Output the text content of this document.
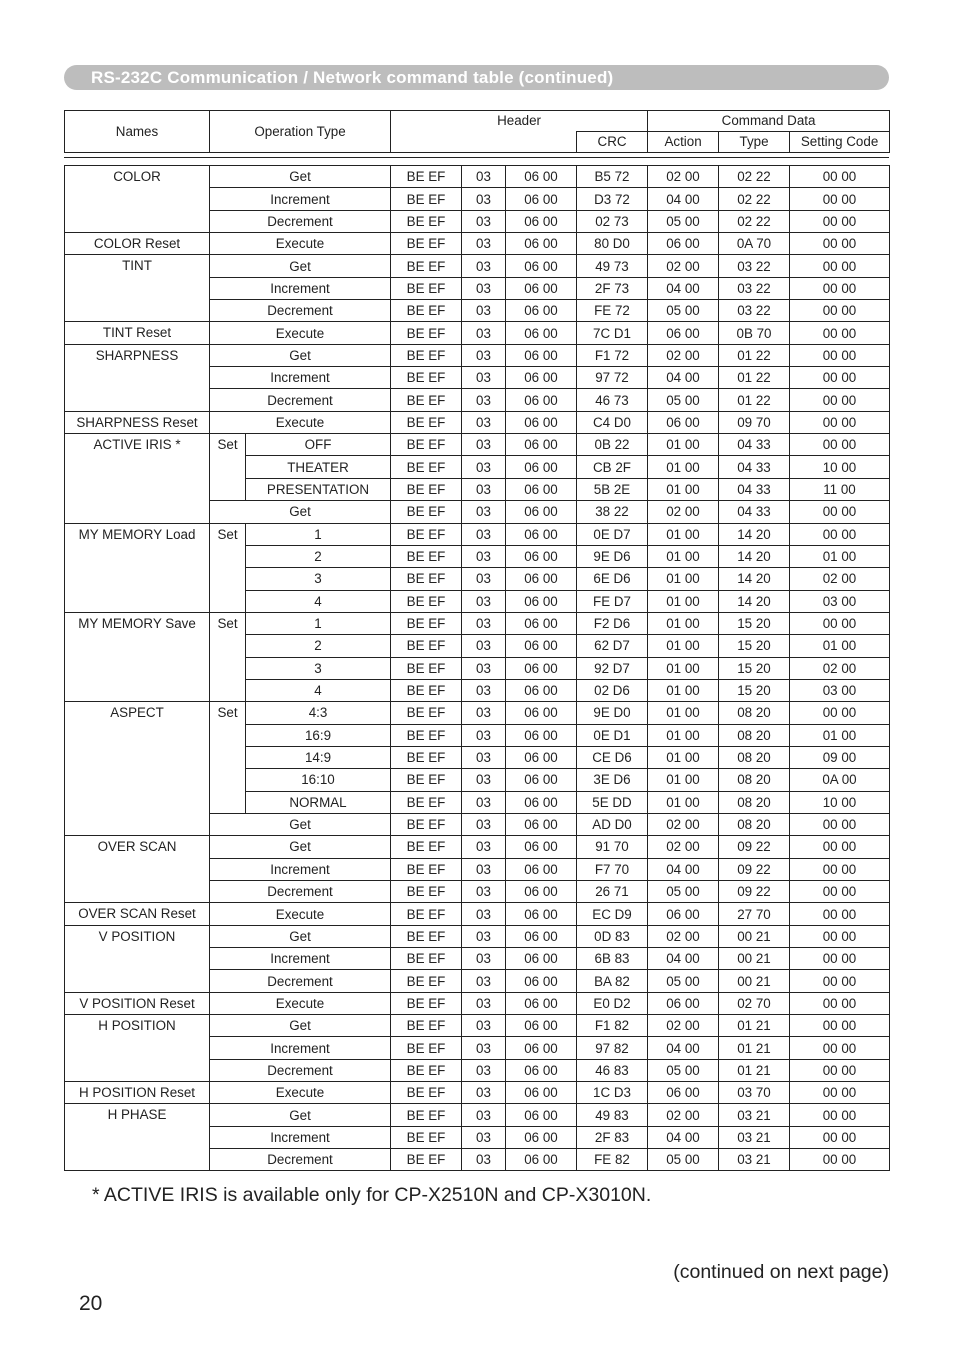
RS-232C Communication / Network command table (continued)
Names	Operation Type	Header		Command Data		
			CRC	Action	Type	Setting Code
COLOR	Get		BE EF	03	06 00	B5 72	02 00	02 22	00 00
	Increment		BE EF	03	06 00	D3 72	04 00	02 22	00 00
	Decrement		BE EF	03	06 00	02 73	05 00	02 22	00 00
COLOR Reset	Execute		BE EF	03	06 00	80 D0	06 00	0A 70	00 00
TINT	Get		BE EF	03	06 00	49 73	02 00	03 22	00 00
	Increment		BE EF	03	06 00	2F 73	04 00	03 22	00 00
	Decrement		BE EF	03	06 00	FE 72	05 00	03 22	00 00
TINT Reset	Execute		BE EF	03	06 00	7C D1	06 00	0B 70	00 00
SHARPNESS	Get		BE EF	03	06 00	F1 72	02 00	01 22	00 00
	Increment		BE EF	03	06 00	97 72	04 00	01 22	00 00
	Decrement		BE EF	03	06 00	46 73	05 00	01 22	00 00
SHARPNESS Reset	Execute		BE EF	03	06 00	C4 D0	06 00	09 70	00 00
ACTIVE IRIS *	Set	OFF	BE EF	03	06 00	0B 22	01 00	04 33	00 00
		THEATER	BE EF	03	06 00	CB 2F	01 00	04 33	10 00
		PRESENTATION	BE EF	03	06 00	5B 2E	01 00	04 33	11 00
	Get		BE EF	03	06 00	38 22	02 00	04 33	00 00
MY MEMORY Load	Set	1	BE EF	03	06 00	0E D7	01 00	14 20	00 00
		2	BE EF	03	06 00	9E D6	01 00	14 20	01 00
		3	BE EF	03	06 00	6E D6	01 00	14 20	02 00
		4	BE EF	03	06 00	FE D7	01 00	14 20	03 00
MY MEMORY Save	Set	1	BE EF	03	06 00	F2 D6	01 00	15 20	00 00
		2	BE EF	03	06 00	62 D7	01 00	15 20	01 00
		3	BE EF	03	06 00	92 D7	01 00	15 20	02 00
		4	BE EF	03	06 00	02 D6	01 00	15 20	03 00
ASPECT	Set	4:3	BE EF	03	06 00	9E D0	01 00	08 20	00 00
		16:9	BE EF	03	06 00	0E D1	01 00	08 20	01 00
		14:9	BE EF	03	06 00	CE D6	01 00	08 20	09 00
		16:10	BE EF	03	06 00	3E D6	01 00	08 20	0A 00
		NORMAL	BE EF	03	06 00	5E DD	01 00	08 20	10 00
	Get		BE EF	03	06 00	AD D0	02 00	08 20	00 00
OVER SCAN	Get		BE EF	03	06 00	91 70	02 00	09 22	00 00
	Increment		BE EF	03	06 00	F7 70	04 00	09 22	00 00
	Decrement		BE EF	03	06 00	26 71	05 00	09 22	00 00
OVER SCAN Reset	Execute		BE EF	03	06 00	EC D9	06 00	27 70	00 00
V POSITION	Get		BE EF	03	06 00	0D 83	02 00	00 21	00 00
	Increment		BE EF	03	06 00	6B 83	04 00	00 21	00 00
	Decrement		BE EF	03	06 00	BA 82	05 00	00 21	00 00
V POSITION Reset	Execute		BE EF	03	06 00	E0 D2	06 00	02 70	00 00
H POSITION	Get		BE EF	03	06 00	F1 82	02 00	01 21	00 00
	Increment		BE EF	03	06 00	97 82	04 00	01 21	00 00
	Decrement		BE EF	03	06 00	46 83	05 00	01 21	00 00
H POSITION Reset	Execute		BE EF	03	06 00	1C D3	06 00	03 70	00 00
H PHASE	Get		BE EF	03	06 00	49 83	02 00	03 21	00 00
	Increment		BE EF	03	06 00	2F 83	04 00	03 21	00 00
	Decrement		BE EF	03	06 00	FE 82	05 00	03 21	00 00
* ACTIVE IRIS is available only for CP-X2510N and CP-X3010N.
(continued on next page)
20
